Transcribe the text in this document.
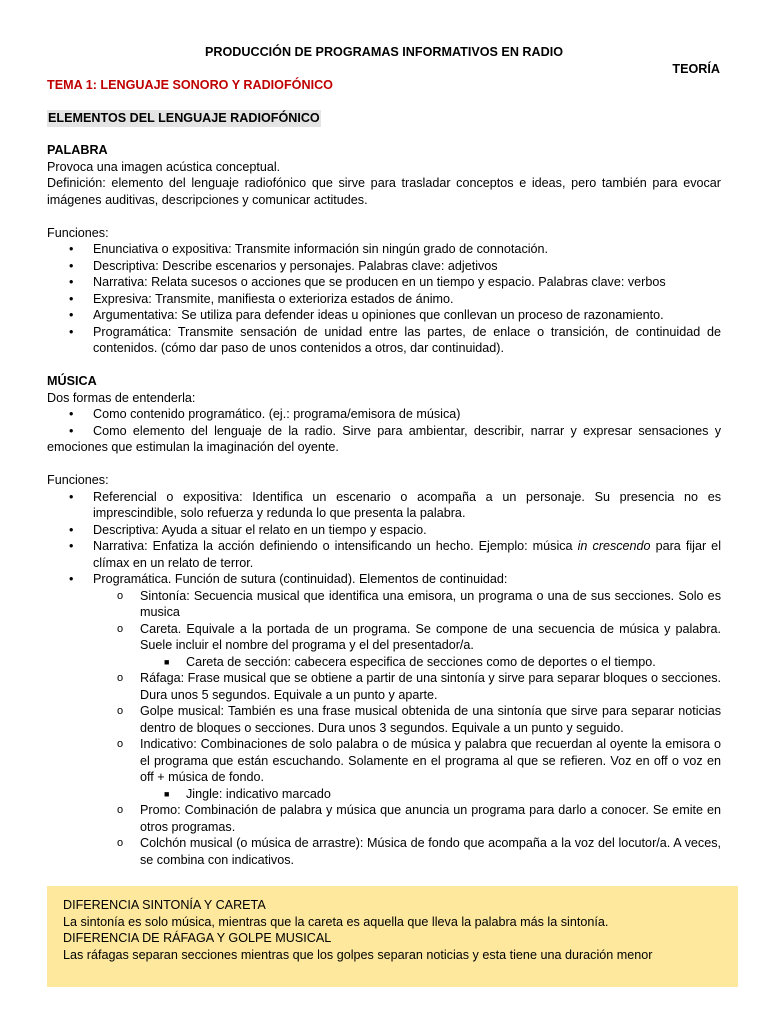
PRODUCCIÓN DE PROGRAMAS INFORMATIVOS EN RADIO
TEORÍA
TEMA 1: LENGUAJE SONORO Y RADIOFÓNICO
ELEMENTOS DEL LENGUAJE RADIOFÓNICO

PALABRA

Provoca una imagen acústica conceptual.

Definición: elemento del lenguaje radiofónico que sirve para trasladar conceptos e ideas, pero también para evocar imágenes auditivas, descripciones y comunicar actitudes.

Funciones:

• Enunciativa o expositiva: Transmite información sin ningún grado de connotación.
• Descriptiva: Describe escenarios y personajes. Palabras clave: adjetivos
• Narrativa: Relata sucesos o acciones que se producen en un tiempo y espacio. Palabras clave: verbos
• Expresiva: Transmite, manifiesta o exterioriza estados de ánimo.
• Argumentativa: Se utiliza para defender ideas u opiniones que conllevan un proceso de razonamiento.
• Programática: Transmite sensación de unidad entre las partes, de enlace o transición, de continuidad de contenidos. (cómo dar paso de unos contenidos a otros, dar continuidad).

MÚSICA

Dos formas de entenderla:

• Como contenido programático. (ej.: programa/emisora de música)
• Como elemento del lenguaje de la radio. Sirve para ambientar, describir, narrar y expresar sensaciones y emociones que estimulan la imaginación del oyente.

Funciones:

• Referencial o expositiva: Identifica un escenario o acompaña a un personaje. Su presencia no es imprescindible, solo refuerza y redunda lo que presenta la palabra.
• Descriptiva: Ayuda a situar el relato en un tiempo y espacio.
• Narrativa: Enfatiza la acción definiendo o intensificando un hecho. Ejemplo: música in crescendo para fijar el clímax en un relato de terror.
• Programática. Función de sutura (continuidad). Elementos de continuidad:
o Sintonía: Secuencia musical que identifica una emisora, un programa o una de sus secciones. Solo es musica
o Careta. Equivale a la portada de un programa. Se compone de una secuencia de música y palabra. Suele incluir el nombre del programa y el del presentador/a.
■ Careta de sección: cabecera especifica de secciones como de deportes o el tiempo.
o Ráfaga: Frase musical que se obtiene a partir de una sintonía y sirve para separar bloques o secciones. Dura unos 5 segundos. Equivale a un punto y aparte.
o Golpe musical: También es una frase musical obtenida de una sintonía que sirve para separar noticias dentro de bloques o secciones. Dura unos 3 segundos. Equivale a un punto y seguido.
o Indicativo: Combinaciones de solo palabra o de música y palabra que recuerdan al oyente la emisora o el programa que están escuchando. Solamente en el programa al que se refieren. Voz en off o voz en off + música de fondo.
■ Jingle: indicativo marcado
o Promo: Combinación de palabra y música que anuncia un programa para darlo a conocer. Se emite en otros programas.
o Colchón musical (o música de arrastre): Música de fondo que acompaña a la voz del locutor/a. A veces, se combina con indicativos.
DIFERENCIA SINTONÍA Y CARETA
La sintonía es solo música, mientras que la careta es aquella que lleva la palabra más la sintonía.
DIFERENCIA DE RÁFAGA Y GOLPE MUSICAL
Las ráfagas separan secciones mientras que los golpes separan noticias y esta tiene una duración menor
